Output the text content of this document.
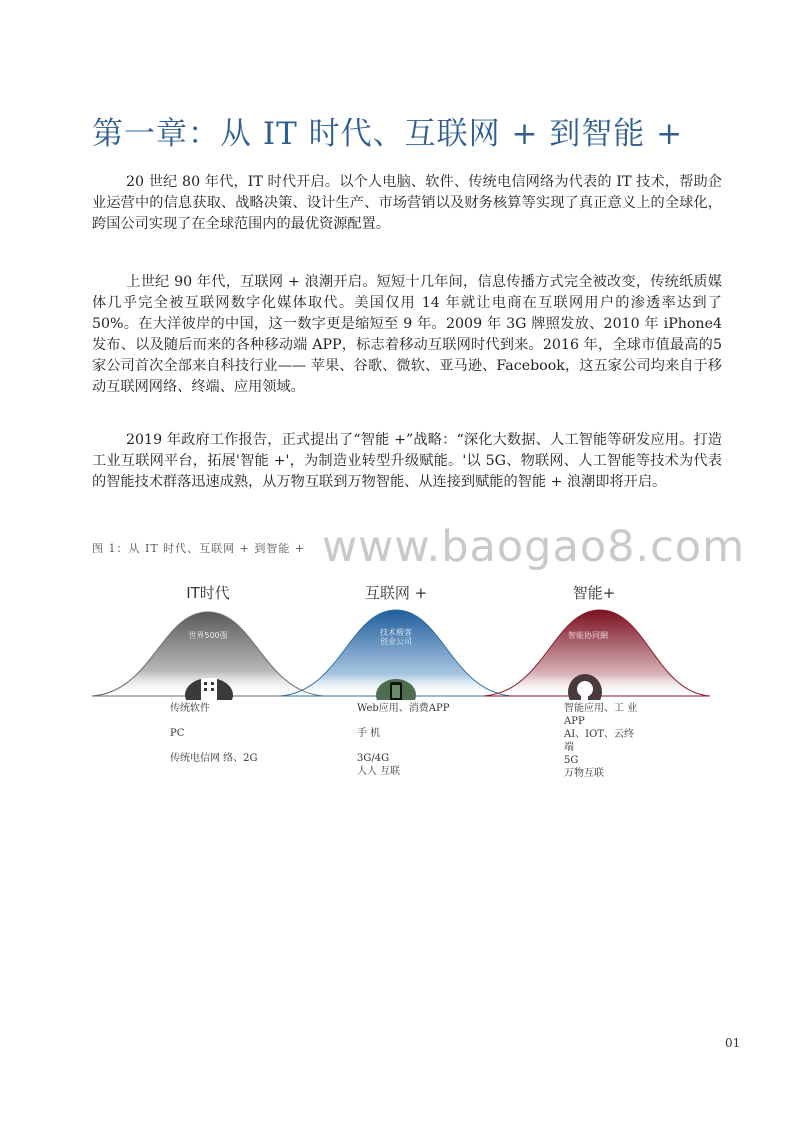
第一章：从 IT 时代、互联网 + 到智能 +
20 世纪 80 年代，IT 时代开启。以个人电脑、软件、传统电信网络为代表的 IT 技术，帮助企业运营中的信息获取、战略决策、设计生产、市场营销以及财务核算等实现了真正意义上的全球化，跨国公司实现了在全球范围内的最优资源配置。
上世纪 90 年代，互联网 + 浪潮开启。短短十几年间，信息传播方式完全被改变，传统纸质媒体几乎完全被互联网数字化媒体取代。美国仅用 14 年就让电商在互联网用户的渗透率达到了 50%。在大洋彼岸的中国，这一数字更是缩短至 9 年。2009 年 3G 牌照发放、2010 年 iPhone4 发布、以及随后而来的各种移动端 APP，标志着移动互联网时代到来。2016 年，全球市值最高的5 家公司首次全部来自科技行业—— 苹果、谷歌、微软、亚马逊、Facebook，这五家公司均来自于移动互联网网络、终端、应用领域。
2019 年政府工作报告，正式提出了“智能 +”战略：“深化大数据、人工智能等研发应用。打造工业互联网平台，拓展'智能 +'，为制造业转型升级赋能。'以 5G、物联网、人工智能等技术为代表的智能技术群落迅速成熟，从万物互联到万物智能、从连接到赋能的智能 + 浪潮即将开启。
图 1：从 IT 时代、互联网 + 到智能 + www.baogao8.com
IT时代	互联网 +	智能+
世界500强	技术极客
创业公司
智能协同網
传统软件
PC
传统电信网 络、2G
Web应用、消费APP
手 机
3G/4G
人人 互联
智能应用、工 业
APP
AI、IOT、云终
端
5G
万物互联
01
